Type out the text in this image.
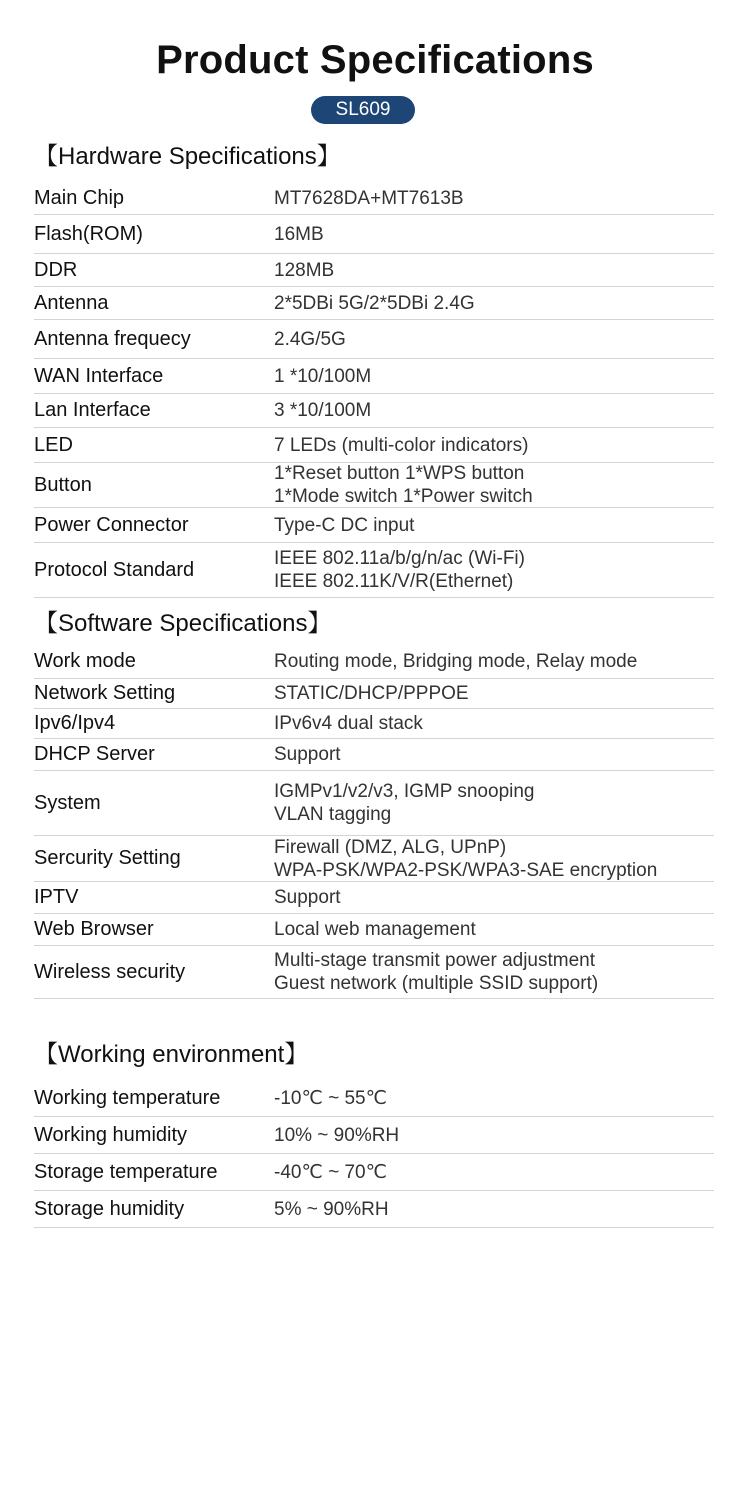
Product Specifications
SL609
【Hardware Specifications】
Main Chip	MT7628DA+MT7613B
Flash(ROM)	16MB
DDR	128MB
Antenna	2*5DBi 5G/2*5DBi 2.4G
Antenna frequecy	2.4G/5G
WAN Interface	1 *10/100M
Lan Interface	3 *10/100M
LED	7 LEDs (multi-color indicators)
Button	1*Reset button 1*WPS button
1*Mode switch 1*Power switch
Power Connector	Type-C DC input
Protocol Standard	IEEE 802.11a/b/g/n/ac (Wi-Fi)
IEEE 802.11K/V/R(Ethernet)
【Software Specifications】
Work mode	Routing mode, Bridging mode, Relay mode
Network Setting	STATIC/DHCP/PPPOE
Ipv6/Ipv4	IPv6v4 dual stack
DHCP Server	Support
System	IGMPv1/v2/v3, IGMP snooping
VLAN tagging
Sercurity Setting	Firewall (DMZ, ALG, UPnP)
WPA-PSK/WPA2-PSK/WPA3-SAE encryption
IPTV	Support
Web Browser	Local web management
Wireless security	Multi-stage transmit power adjustment
Guest network (multiple SSID support)
【Working environment】
Working temperature	-10℃ ~ 55℃
Working humidity	10% ~ 90%RH
Storage temperature	-40℃ ~ 70℃
Storage humidity	5% ~ 90%RH
